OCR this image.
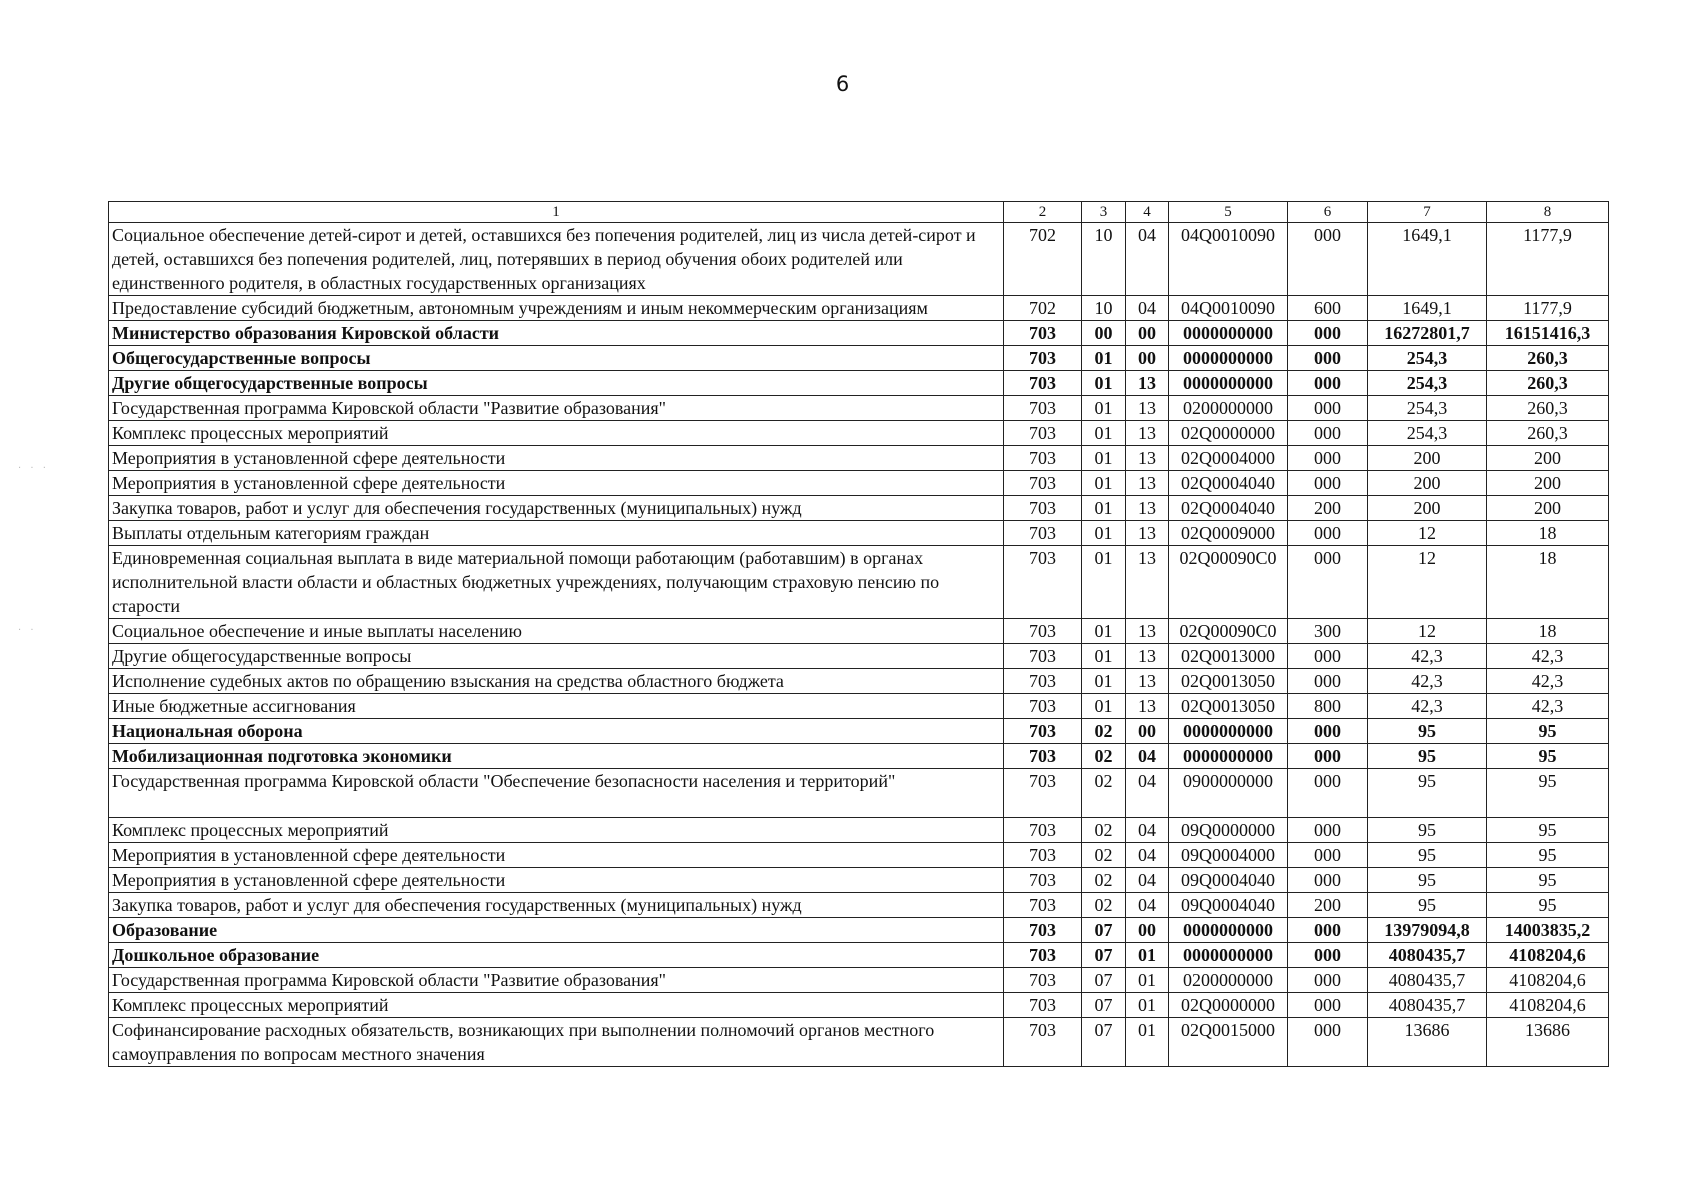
6
· · ·
· ·
1	2	3	4	5	6	7	8
Социальное обеспечение детей-сирот и детей, оставшихся без попечения родителей, лиц из числа детей-сирот и детей, оставшихся без попечения родителей, лиц, потерявших в период обучения обоих родителей или единственного родителя, в областных государственных организациях	702	10	04	04Q0010090	000	1649,1	1177,9
Предоставление субсидий бюджетным, автономным учреждениям и иным некоммерческим организациям	702	10	04	04Q0010090	600	1649,1	1177,9
Министерство образования Кировской области	703	00	00	0000000000	000	16272801,7	16151416,3
Общегосударственные вопросы	703	01	00	0000000000	000	254,3	260,3
Другие общегосударственные вопросы	703	01	13	0000000000	000	254,3	260,3
Государственная программа Кировской области "Развитие образования"	703	01	13	0200000000	000	254,3	260,3
Комплекс процессных мероприятий	703	01	13	02Q0000000	000	254,3	260,3
Мероприятия в установленной сфере деятельности	703	01	13	02Q0004000	000	200	200
Мероприятия в установленной сфере деятельности	703	01	13	02Q0004040	000	200	200
Закупка товаров, работ и услуг для обеспечения государственных (муниципальных) нужд	703	01	13	02Q0004040	200	200	200
Выплаты отдельным категориям граждан	703	01	13	02Q0009000	000	12	18
Единовременная социальная выплата в виде материальной помощи работающим (работавшим) в органах исполнительной власти области и областных бюджетных учреждениях, получающим страховую пенсию по старости	703	01	13	02Q00090C0	000	12	18
Социальное обеспечение и иные выплаты населению	703	01	13	02Q00090C0	300	12	18
Другие общегосударственные вопросы	703	01	13	02Q0013000	000	42,3	42,3
Исполнение судебных актов по обращению взыскания на средства областного бюджета	703	01	13	02Q0013050	000	42,3	42,3
Иные бюджетные ассигнования	703	01	13	02Q0013050	800	42,3	42,3
Национальная оборона	703	02	00	0000000000	000	95	95
Мобилизационная подготовка экономики	703	02	04	0000000000	000	95	95
Государственная программа Кировской области "Обеспечение безопасности населения и территорий"	703	02	04	0900000000	000	95	95
Комплекс процессных мероприятий	703	02	04	09Q0000000	000	95	95
Мероприятия в установленной сфере деятельности	703	02	04	09Q0004000	000	95	95
Мероприятия в установленной сфере деятельности	703	02	04	09Q0004040	000	95	95
Закупка товаров, работ и услуг для обеспечения государственных (муниципальных) нужд	703	02	04	09Q0004040	200	95	95
Образование	703	07	00	0000000000	000	13979094,8	14003835,2
Дошкольное образование	703	07	01	0000000000	000	4080435,7	4108204,6
Государственная программа Кировской области "Развитие образования"	703	07	01	0200000000	000	4080435,7	4108204,6
Комплекс процессных мероприятий	703	07	01	02Q0000000	000	4080435,7	4108204,6
Софинансирование расходных обязательств, возникающих при выполнении полномочий органов местного самоуправления по вопросам местного значения	703	07	01	02Q0015000	000	13686	13686
